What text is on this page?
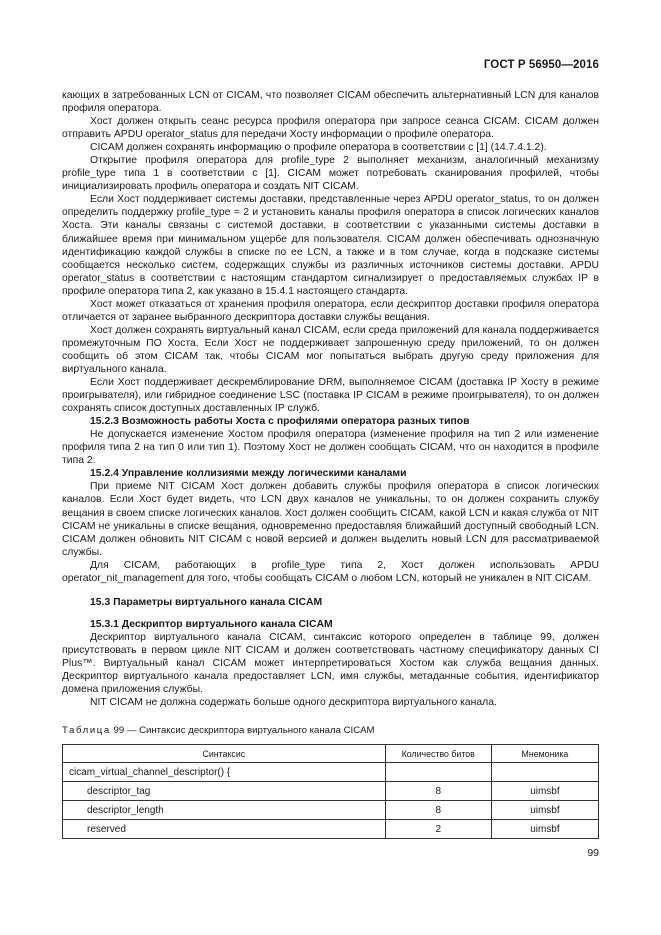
ГОСТ Р 56950—2016

кающих в затребованных LCN от CICAM, что позволяет CICAM обеспечить альтернативный LCN для каналов профиля оператора.

Хост должен открыть сеанс ресурса профиля оператора при запросе сеанса CICAM. CICAM должен отправить APDU operator_status для передачи Хосту информации о профиле оператора.

CICAM должен сохранять информацию о профиле оператора в соответствии с [1] (14.7.4.1.2).

Открытие профиля оператора для profile_type 2 выполняет механизм, аналогичный механизму profile_type типа 1 в соответствии с [1]. CICAM может потребовать сканирования профилей, чтобы инициализировать профиль оператора и создать NIT CICAM.

Если Хост поддерживает системы доставки, представленные через APDU operator_status, то он должен определить поддержку profile_type = 2 и установить каналы профиля оператора в список логических каналов Хоста. Эти каналы связаны с системой доставки, в соответствии с указанными системы доставки в ближайшее время при минимальном ущербе для пользователя. CICAM должен обеспечивать однозначную идентификацию каждой службы в списке по ее LCN, а также и в том случае, когда в подсказке системы сообщается несколько систем, содержащих службы из различных источников системы доставки. APDU operator_status в соответствии с настоящим стандартом сигнализирует о предоставляемых службах IP в профиле оператора типа 2, как указано в 15.4.1 настоящего стандарта.

Хост может отказаться от хранения профиля оператора, если дескриптор доставки профиля оператора отличается от заранее выбранного дескриптора доставки службы вещания.

Хост должен сохранять виртуальный канал CICAM, если среда приложений для канала поддерживается промежуточным ПО Хоста. Если Хост не поддерживает запрошенную среду приложений, то он должен сообщить об этом CICAM так, чтобы CICAM мог попытаться выбрать другую среду приложения для виртуального канала.

Если Хост поддерживает дескремблирование DRM, выполняемое CICAM (доставка IP Хосту в режиме проигрывателя), или гибридное соединение LSC (поставка IP CICAM в режиме проигрывателя), то он должен сохранять список доступных доставленных IP служб.

15.2.3 Возможность работы Хоста с профилями оператора разных типов

Не допускается изменение Хостом профиля оператора (изменение профиля на тип 2 или изменение профиля типа 2 на тип 0 или тип 1). Поэтому Хост не должен сообщать CICAM, что он находится в профиле типа 2.

15.2.4 Управление коллизиями между логическими каналами

При приеме NIT CICAM Хост должен добавить службы профиля оператора в список логических каналов. Если Хост будет видеть, что LCN двух каналов не уникальны, то он должен сохранить службу вещания в своем списке логических каналов. Хост должен сообщить CICAM, какой LCN и какая служба от NIT CICAM не уникальны в списке вещания, одновременно предоставляя ближайший доступный свободный LCN. CICAM должен обновить NIT CICAM с новой версией и должен выделить новый LCN для рассматриваемой службы.

Для CICAM, работающих в profile_type типа 2, Хост должен использовать APDU operator_nit_management для того, чтобы сообщать CICAM о любом LCN, который не уникален в NIT CICAM.

15.3 Параметры виртуального канала CICAM

15.3.1 Дескриптор виртуального канала CICAM

Дескриптор виртуального канала CICAM, синтаксис которого определен в таблице 99, должен присутствовать в первом цикле NIT CICAM и должен соответствовать частному спецификатору данных CI Plus™. Виртуальный канал CICAM может интерпретироваться Хостом как служба вещания данных. Дескриптор виртуального канала предоставляет LCN, имя службы, метаданные события, идентификатор домена приложения службы.

NIT CICAM не должна содержать больше одного дескриптора виртуального канала.

Таблица 99 — Синтаксис дескриптора виртуального канала CICAM
Синтаксис	Количество битов	Мнемоника
cicam_virtual_channel_descriptor() {		
descriptor_tag	8	uimsbf
descriptor_length	8	uimsbf
reserved	2	uimsbf
99
